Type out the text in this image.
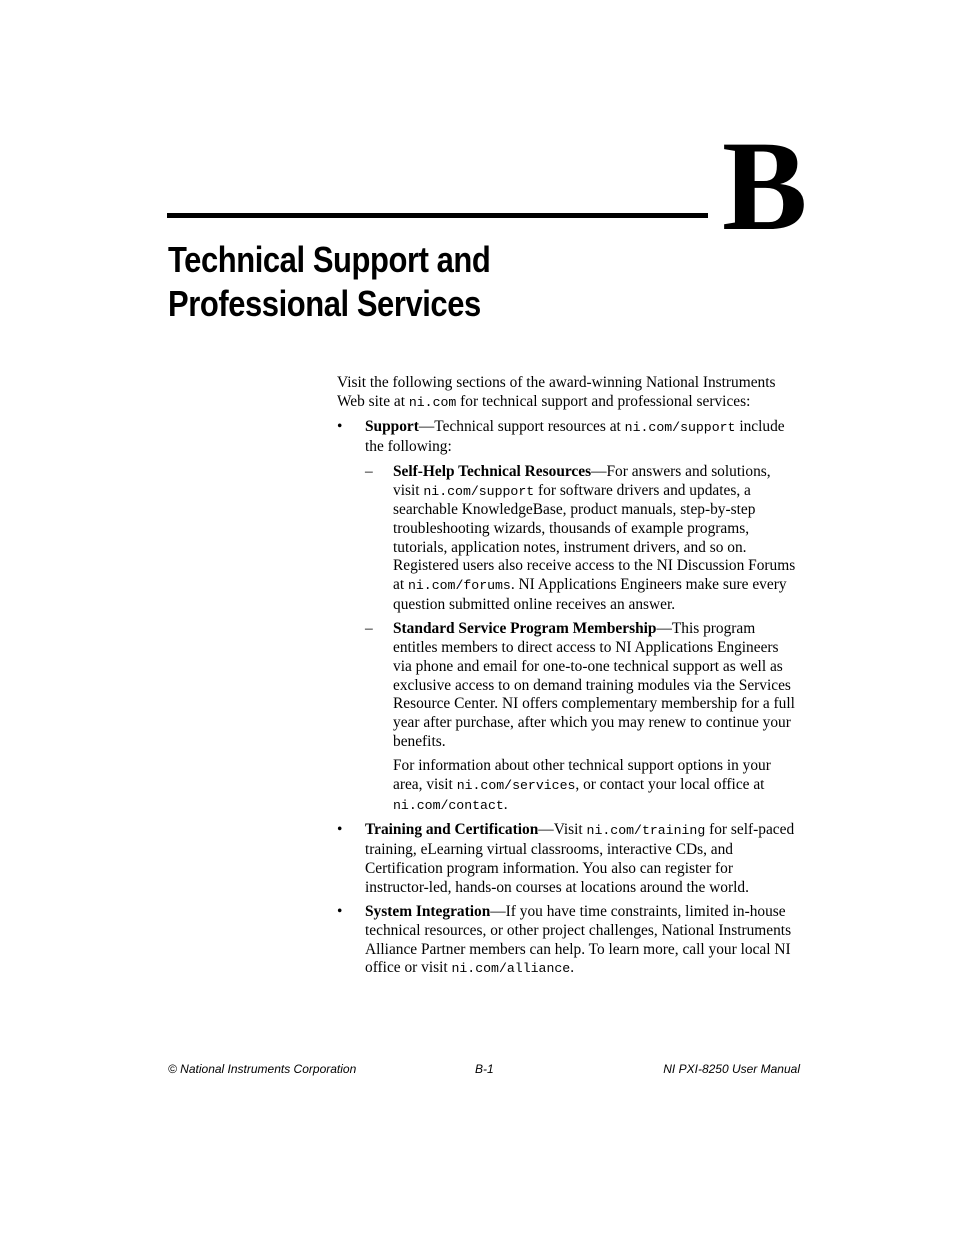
B
Technical Support and
Professional Services

Visit the following sections of the award-winning National Instruments Web site at ni.com for technical support and professional services:

• Support—Technical support resources at ni.com/support include the following:

– Self-Help Technical Resources—For answers and solutions, visit ni.com/support for software drivers and updates, a searchable KnowledgeBase, product manuals, step-by-step troubleshooting wizards, thousands of example programs, tutorials, application notes, instrument drivers, and so on. Registered users also receive access to the NI Discussion Forums at ni.com/forums. NI Applications Engineers make sure every question submitted online receives an answer.

– Standard Service Program Membership—This program entitles members to direct access to NI Applications Engineers via phone and email for one-to-one technical support as well as exclusive access to on demand training modules via the Services Resource Center. NI offers complementary membership for a full year after purchase, after which you may renew to continue your benefits.

For information about other technical support options in your area, visit ni.com/services, or contact your local office at ni.com/contact.

• Training and Certification—Visit ni.com/training for self-paced training, eLearning virtual classrooms, interactive CDs, and Certification program information. You also can register for instructor-led, hands-on courses at locations around the world.

• System Integration—If you have time constraints, limited in-house technical resources, or other project challenges, National Instruments Alliance Partner members can help. To learn more, call your local NI office or visit ni.com/alliance.

© National Instruments Corporation	B-1	NI PXI-8250 User Manual
